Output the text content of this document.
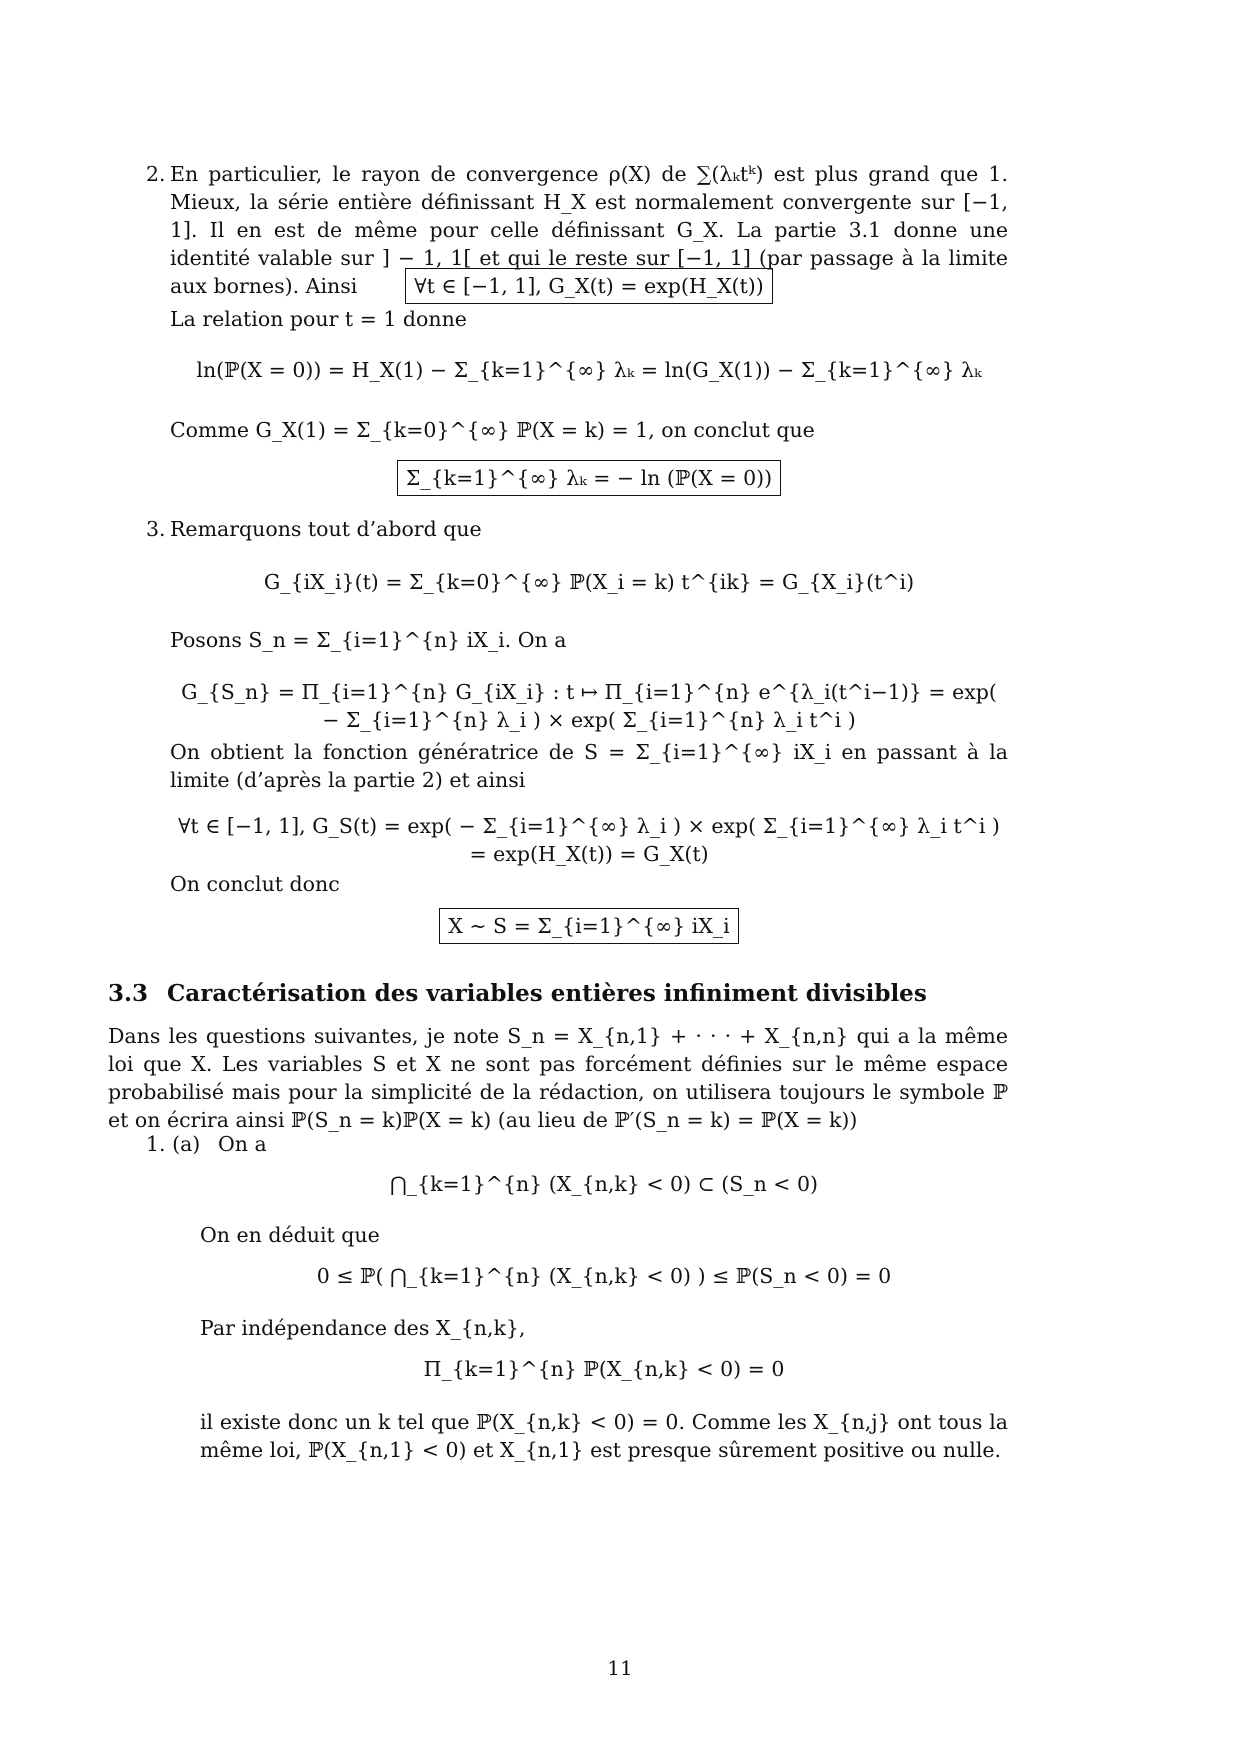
2. En particulier, le rayon de convergence ρ(X) de ∑(λₖtᵏ) est plus grand que 1. Mieux, la série entière définissant H_X est normalement convergente sur [−1, 1]. Il en est de même pour celle définissant G_X. La partie 3.1 donne une identité valable sur ] − 1, 1[ et qui le reste sur [−1, 1] (par passage à la limite aux bornes). Ainsi	∀t ∈ [−1, 1], G_X(t) = exp(H_X(t))
La relation pour t = 1 donne
ln(ℙ(X = 0)) = H_X(1) − Σ_{k=1}^{∞} λₖ = ln(G_X(1)) − Σ_{k=1}^{∞} λₖ
Comme G_X(1) = Σ_{k=0}^{∞} ℙ(X = k) = 1, on conclut que
Σ_{k=1}^{∞} λₖ = − ln (ℙ(X = 0))
3. Remarquons tout d’abord que
G_{iX_i}(t) = Σ_{k=0}^{∞} ℙ(X_i = k) t^{ik} = G_{X_i}(t^i)
Posons S_n = Σ_{i=1}^{n} iX_i. On a
G_{S_n} = Π_{i=1}^{n} G_{iX_i} : t ↦ Π_{i=1}^{n} e^{λ_i(t^i−1)} = exp( − Σ_{i=1}^{n} λ_i ) × exp( Σ_{i=1}^{n} λ_i t^i )
On obtient la fonction génératrice de S = Σ_{i=1}^{∞} iX_i en passant à la limite (d’après la partie 2) et ainsi
∀t ∈ [−1, 1], G_S(t) = exp( − Σ_{i=1}^{∞} λ_i ) × exp( Σ_{i=1}^{∞} λ_i t^i ) = exp(H_X(t)) = G_X(t)
On conclut donc
X ∼ S = Σ_{i=1}^{∞} iX_i
3.3 Caractérisation des variables entières infiniment divisibles
Dans les questions suivantes, je note S_n = X_{n,1} + · · · + X_{n,n} qui a la même loi que X. Les variables S et X ne sont pas forcément définies sur le même espace probabilisé mais pour la simplicité de la rédaction, on utilisera toujours le symbole ℙ et on écrira ainsi ℙ(S_n = k)ℙ(X = k) (au lieu de ℙ′(S_n = k) = ℙ(X = k))
1. (a) On a
⋂_{k=1}^{n} (X_{n,k} < 0) ⊂ (S_n < 0)
On en déduit que
0 ≤ ℙ( ⋂_{k=1}^{n} (X_{n,k} < 0) ) ≤ ℙ(S_n < 0) = 0
Par indépendance des X_{n,k},
Π_{k=1}^{n} ℙ(X_{n,k} < 0) = 0
il existe donc un k tel que ℙ(X_{n,k} < 0) = 0. Comme les X_{n,j} ont tous la même loi, ℙ(X_{n,1} < 0) et X_{n,1} est presque sûrement positive ou nulle.
11
